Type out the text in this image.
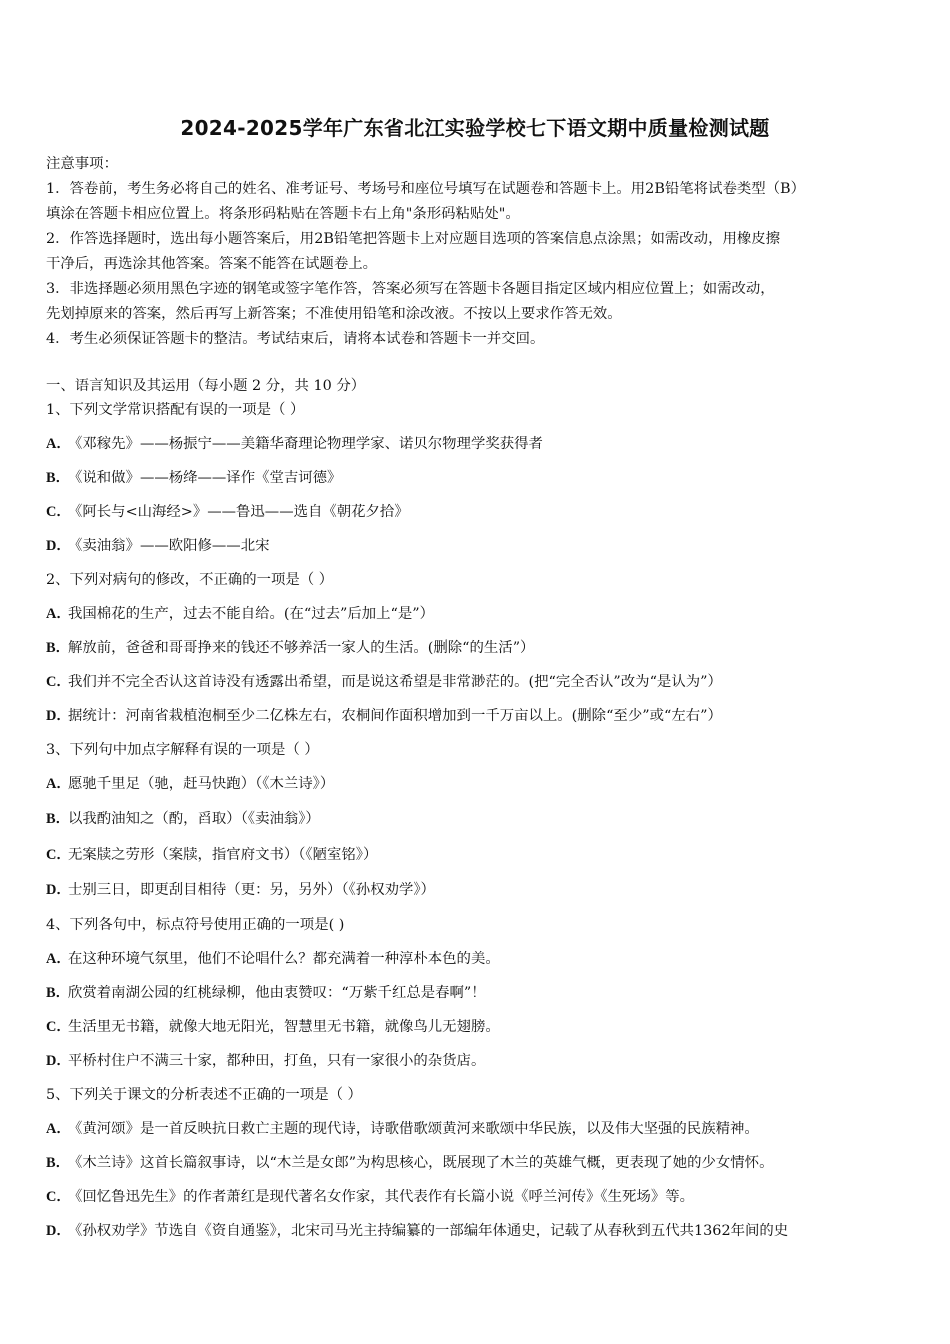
2024-2025学年广东省北江实验学校七下语文期中质量检测试题

注意事项：

1．答卷前，考生务必将自己的姓名、准考证号、考场号和座位号填写在试题卷和答题卡上。用2B铅笔将试卷类型（B）

填涂在答题卡相应位置上。将条形码粘贴在答题卡右上角"条形码粘贴处"。

2．作答选择题时，选出每小题答案后，用2B铅笔把答题卡上对应题目选项的答案信息点涂黑；如需改动，用橡皮擦

干净后，再选涂其他答案。答案不能答在试题卷上。

3．非选择题必须用黑色字迹的钢笔或签字笔作答，答案必须写在答题卡各题目指定区域内相应位置上；如需改动，

先划掉原来的答案，然后再写上新答案；不准使用铅笔和涂改液。不按以上要求作答无效。

4．考生必须保证答题卡的整洁。考试结束后，请将本试卷和答题卡一并交回。

一、语言知识及其运用（每小题 2 分，共 10 分）
1、下列文学常识搭配有误的一项是（ ）
A．《邓稼先》——杨振宁——美籍华裔理论物理学家、诺贝尔物理学奖获得者
B．《说和做》——杨绛——译作《堂吉诃德》
C．《阿长与<山海经>》——鲁迅——选自《朝花夕拾》
D．《卖油翁》——欧阳修——北宋
2、下列对病句的修改，不正确的一项是（ ）
A．我国棉花的生产，过去不能自给。(在“过去”后加上“是”）
B．解放前，爸爸和哥哥挣来的钱还不够养活一家人的生活。(删除“的生活”）
C．我们并不完全否认这首诗没有透露出希望，而是说这希望是非常渺茫的。(把“完全否认”改为“是认为”）
D．据统计：河南省栽植泡桐至少二亿株左右，农桐间作面积增加到一千万亩以上。(删除“至少”或“左右”）
3、下列句中加点字解释有误的一项是（ ）
A．愿驰千里足（驰，赶马快跑）（《木兰诗》）
B．以我酌油知之（酌，舀取）（《卖油翁》）
C．无案牍之劳形（案牍，指官府文书）（《陋室铭》）
D．士别三日，即更刮目相待（更：另，另外）（《孙权劝学》）
4、下列各句中，标点符号使用正确的一项是( )
A．在这种环境气氛里，他们不论唱什么？都充满着一种淳朴本色的美。
B．欣赏着南湖公园的红桃绿柳，他由衷赞叹：“万紫千红总是春啊”！
C．生活里无书籍，就像大地无阳光，智慧里无书籍，就像鸟儿无翅膀。
D．平桥村住户不满三十家，都种田，打鱼，只有一家很小的杂货店。
5、下列关于课文的分析表述不正确的一项是（ ）
A．《黄河颂》是一首反映抗日救亡主题的现代诗，诗歌借歌颂黄河来歌颂中华民族，以及伟大坚强的民族精神。
B．《木兰诗》这首长篇叙事诗，以“木兰是女郎”为构思核心，既展现了木兰的英雄气概，更表现了她的少女情怀。
C．《回忆鲁迅先生》的作者萧红是现代著名女作家，其代表作有长篇小说《呼兰河传》《生死场》等。
D．《孙权劝学》节选自《资自通鉴》，北宋司马光主持编纂的一部编年体通史，记载了从春秋到五代共1362年间的史
